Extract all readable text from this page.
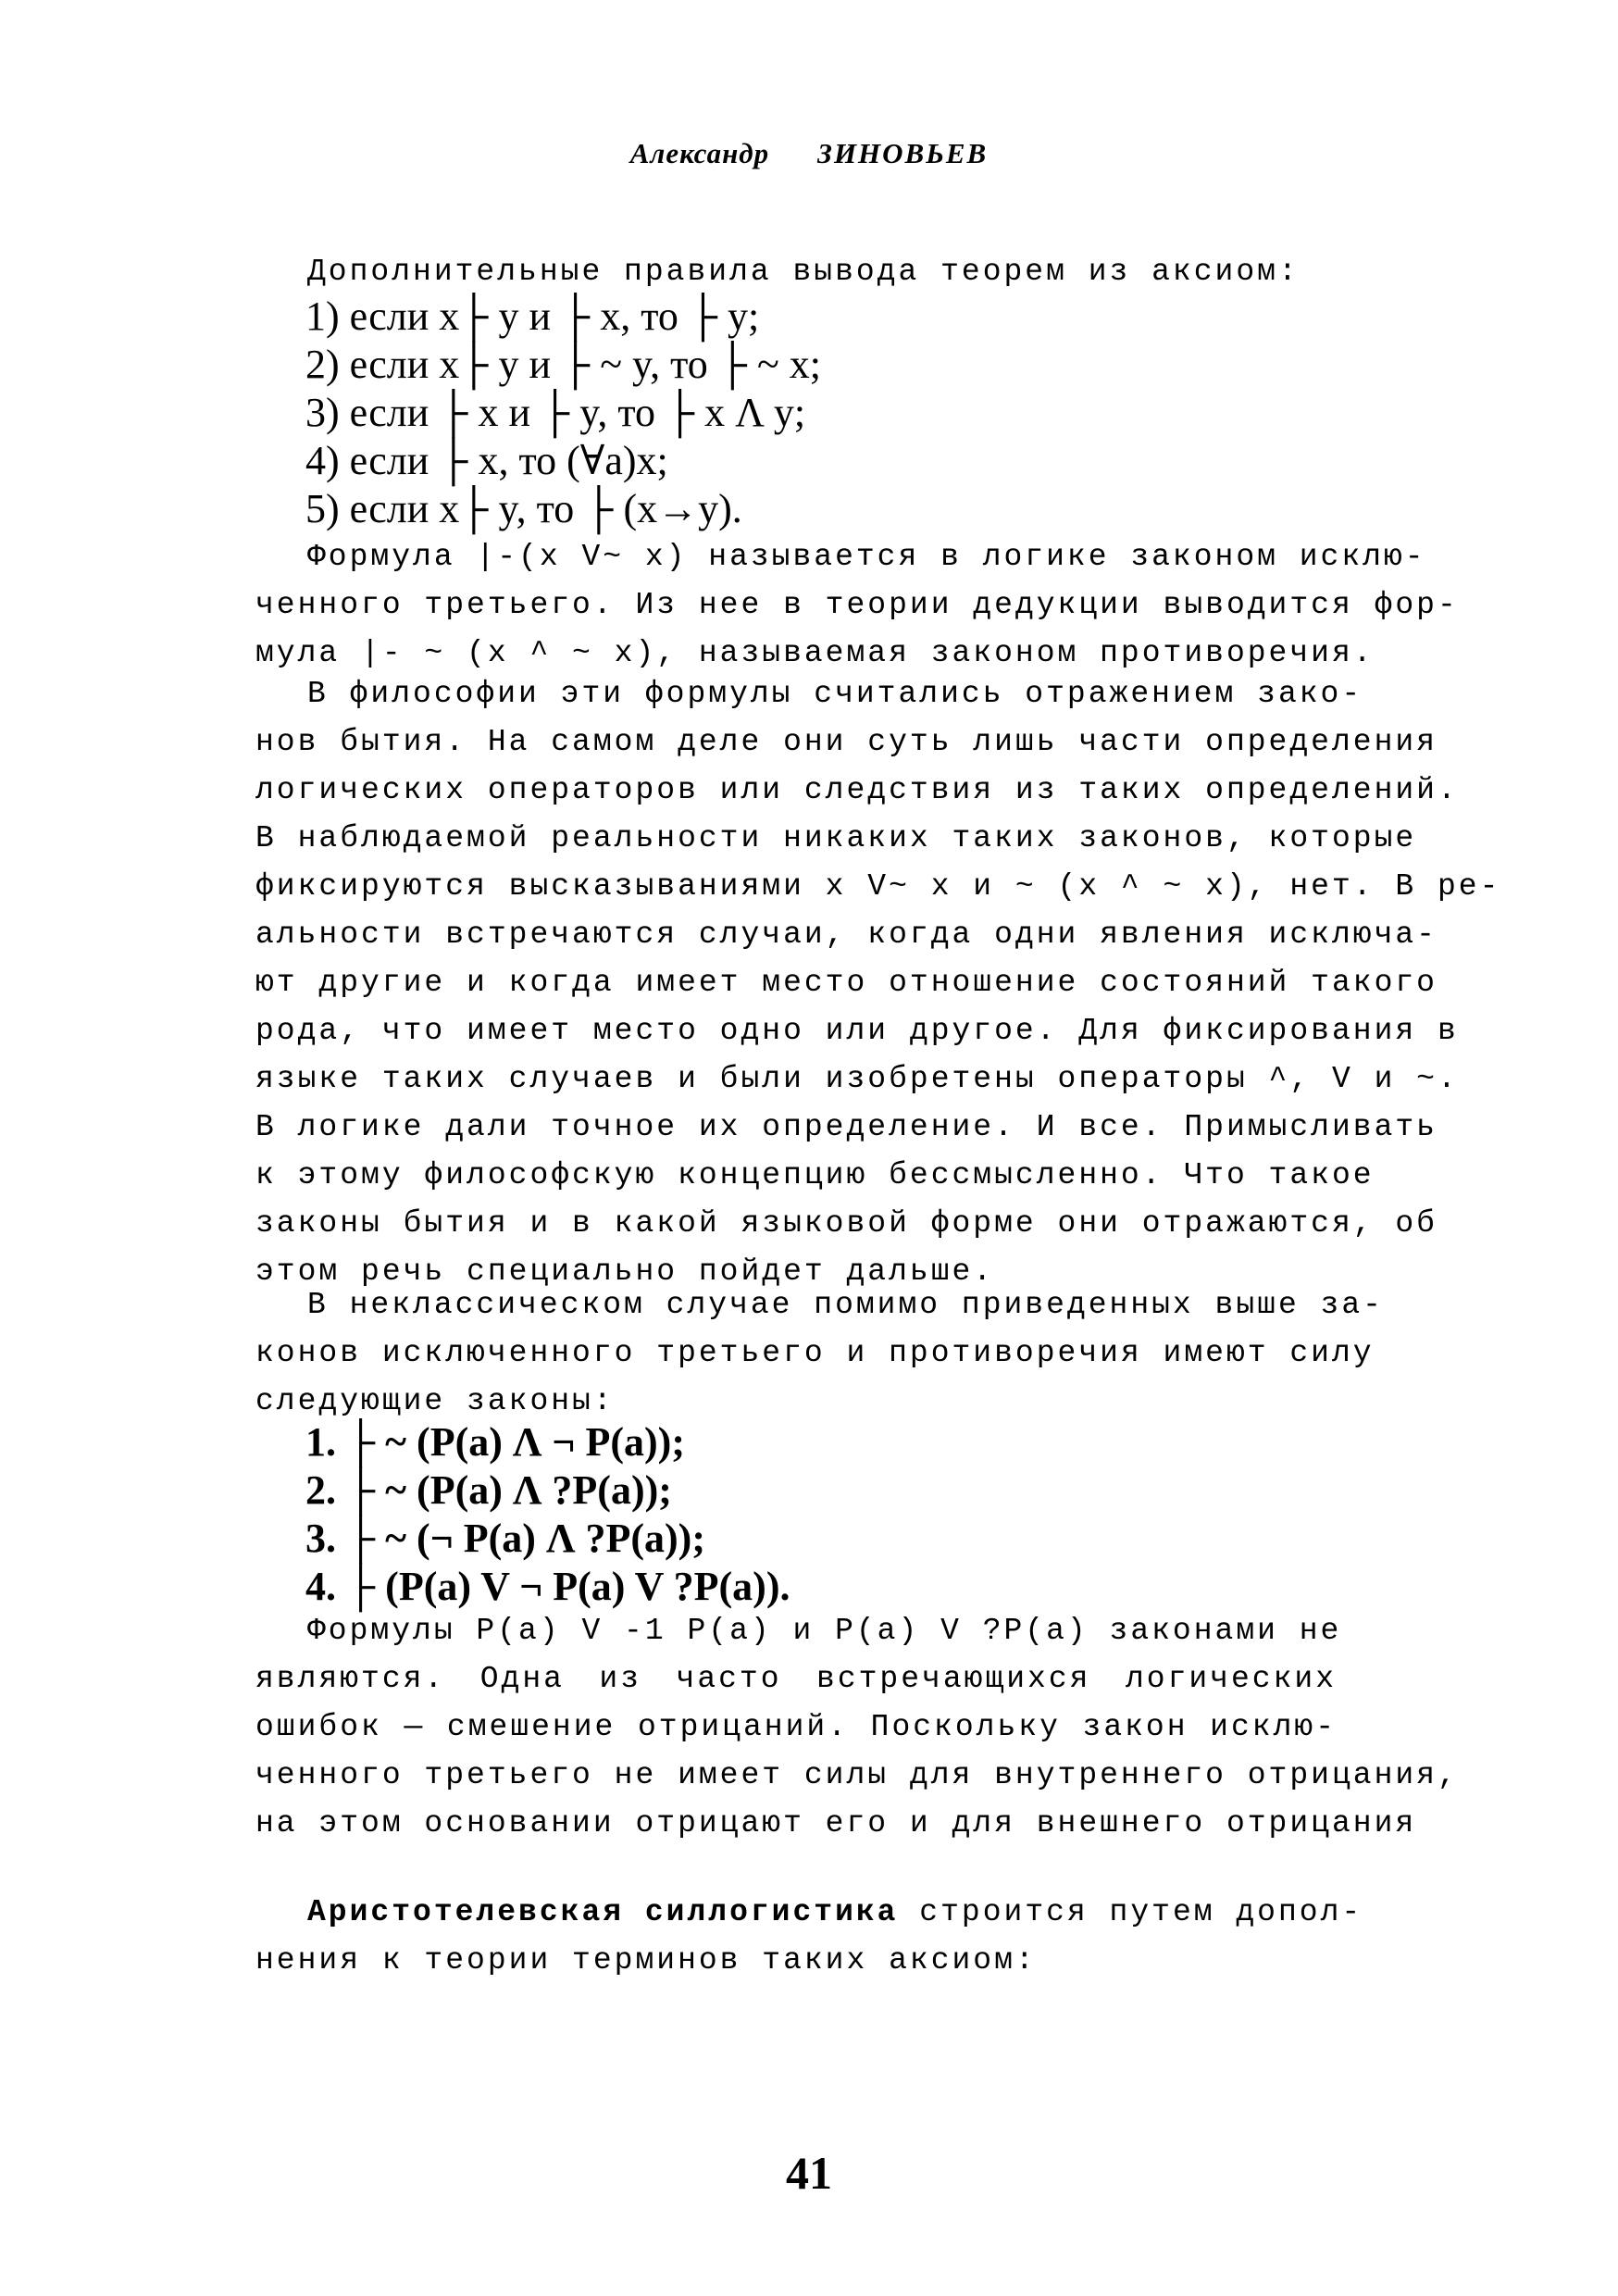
Александр ЗИНОВЬЕВ
Дополнительные правила вывода теорем из аксиом:
1) если x├ y и ├ x, то ├ y;
2) если x├ y и ├ ~ y, то ├ ~ x;
3) если ├ x и ├ y, то ├ x Λ y;
4) если ├ x, то (∀a)x;
5) если x├ y, то ├ (x→y).
Формула |-(x V~ x) называется в логике законом исклю-
ченного третьего. Из нее в теории дедукции выводится фор-
мула |- ~ (x ^ ~ x), называемая законом противоречия.
В философии эти формулы считались отражением зако-
нов бытия. На самом деле они суть лишь части определения
логических операторов или следствия из таких определений.
В наблюдаемой реальности никаких таких законов, которые
фиксируются высказываниями x V~ x и ~ (x ^ ~ x), нет. В ре-
альности встречаются случаи, когда одни явления исключа-
ют другие и когда имеет место отношение состояний такого
рода, что имеет место одно или другое. Для фиксирования в
языке таких случаев и были изобретены операторы ^, V и ~.
В логике дали точное их определение. И все. Примысливать
к этому философскую концепцию бессмысленно. Что такое
законы бытия и в какой языковой форме они отражаются, об
этом речь специально пойдет дальше.
В неклассическом случае помимо приведенных выше за-
конов исключенного третьего и противоречия имеют силу
следующие законы:
1. ├ ~ (P(a) Λ ¬ P(a));
2. ├ ~ (P(a) Λ ?P(a));
3. ├ ~ (¬ P(a) Λ ?P(a));
4. ├ (P(a) V ¬ P(a) V ?P(a)).
Формулы P(a) V -1 P(a) и P(a) V ?P(a) законами не
являются. Одна из часто встречающихся логических
ошибок — смешение отрицаний. Поскольку закон исклю-
ченного третьего не имеет силы для внутреннего отрицания,
на этом основании отрицают его и для внешнего отрицания
Аристотелевская силлогистика строится путем допол-
нения к теории терминов таких аксиом:
41
